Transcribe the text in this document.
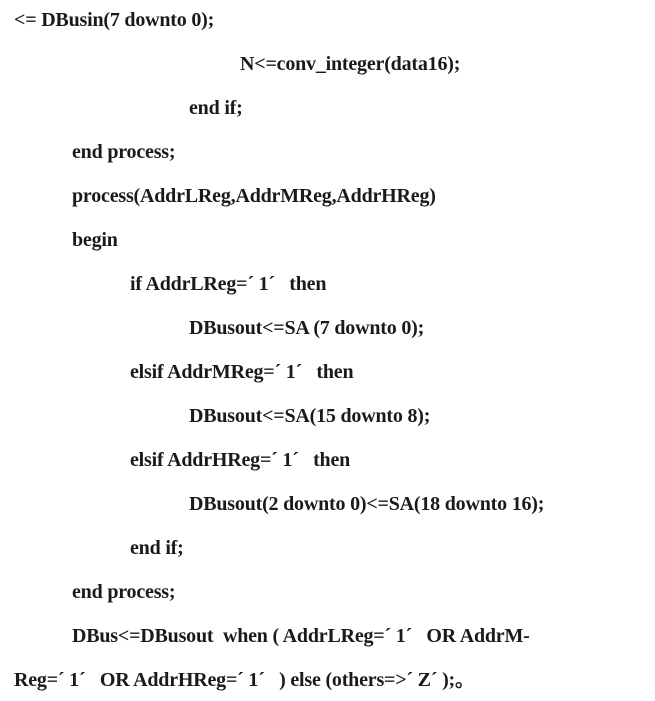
<= DBusin(7 downto 0);
N<=conv_integer(data16);
end if;
end process;
process(AddrLReg,AddrMReg,AddrHReg)
begin
if AddrLReg=´ 1´   then
DBusout<=SA (7 downto 0);
elsif AddrMReg=´ 1´   then
DBusout<=SA(15 downto 8);
elsif AddrHReg=´ 1´   then
DBusout(2 downto 0)<=SA(18 downto 16);
end if;
end process;
DBus<=DBusout  when ( AddrLReg=´ 1´   OR AddrM-
Reg=´ 1´   OR AddrHReg=´ 1´   ) else (others=>´ Z´ );。
